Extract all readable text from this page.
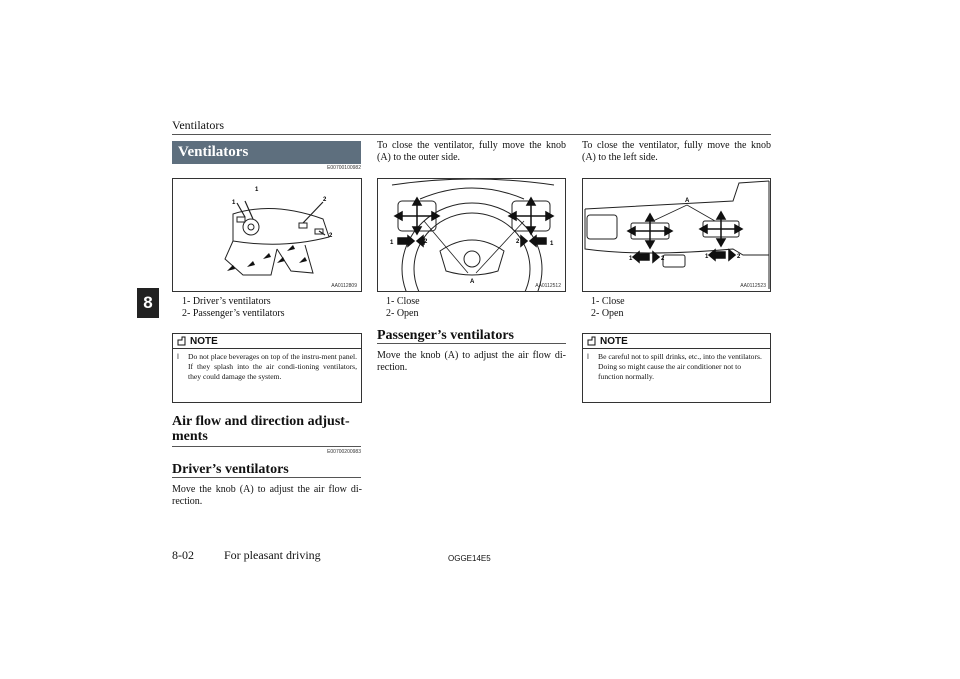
Ventilators
8
Ventilators
E00700100982
1
1	2
2
AA0112809
1- Driver’s ventilators
2- Passenger’s ventilators
NOTE
l	Do not place beverages on top of the instru-ment panel. If they splash into the air condi-tioning ventilators, they could damage the system.
Air flow and direction adjust-ments
E00700200983
Driver’s ventilators
Move the knob (A) to adjust the air flow di-rection.
To close the ventilator, fully move the knob (A) to the outer side.
1	2	2	1
A
AA0112512
1- Close
2- Open
Passenger’s ventilators
Move the knob (A) to adjust the air flow di-rection.
To close the ventilator, fully move the knob (A) to the left side.
A
1	2	1	2
AA0112523
1- Close
2- Open
NOTE
l	Be careful not to spill drinks, etc., into the ventilators.
Doing so might cause the air conditioner not to function normally.
8-02	For pleasant driving	OGGE14E5
